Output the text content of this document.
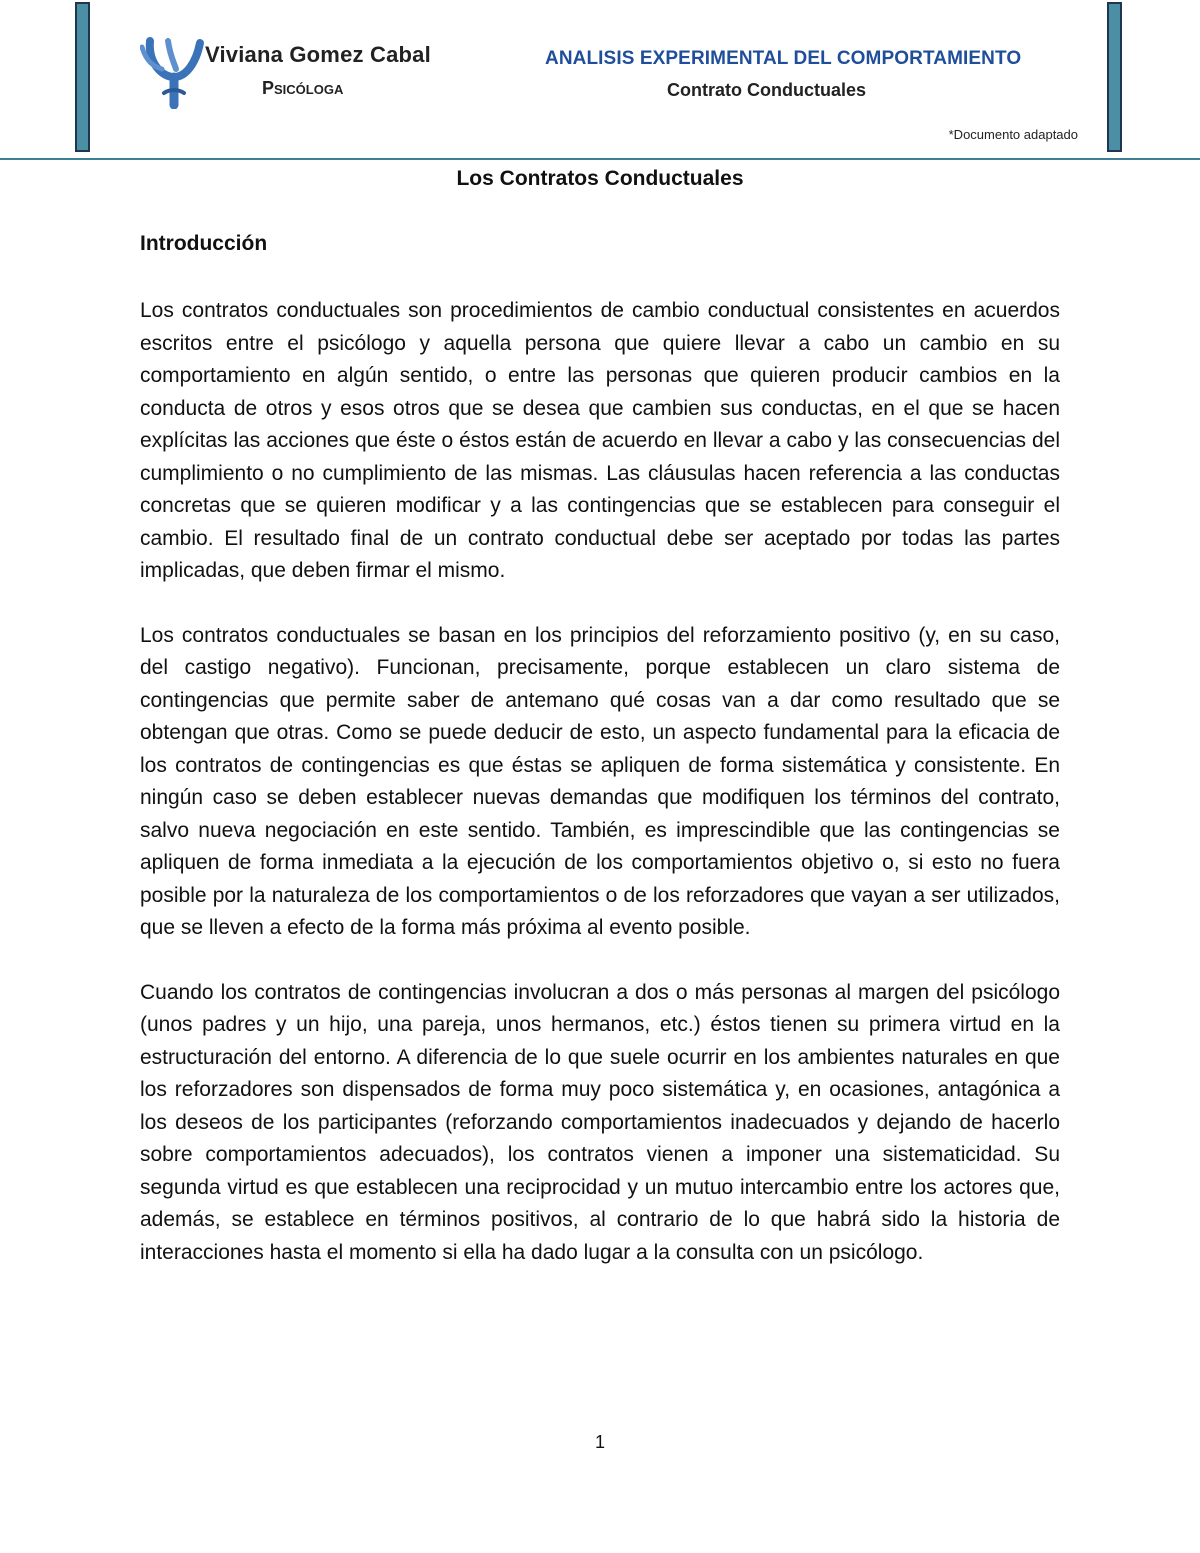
Viviana Gomez Cabal
Psicóloga
ANALISIS EXPERIMENTAL DEL COMPORTAMIENTO
Contrato Conductuales
*Documento adaptado
Los Contratos Conductuales
Introducción

Los contratos conductuales son procedimientos de cambio conductual consistentes en acuerdos escritos entre el psicólogo y aquella persona que quiere llevar a cabo un cambio en su comportamiento en algún sentido, o entre las personas que quieren producir cambios en la conducta de otros y esos otros que se desea que cambien sus conductas, en el que se hacen explícitas las acciones que éste o éstos están de acuerdo en llevar a cabo y las consecuencias del cumplimiento o no cumplimiento de las mismas. Las cláusulas hacen referencia a las conductas concretas que se quieren modificar y a las contingencias que se establecen para conseguir el cambio. El resultado final de un contrato conductual debe ser aceptado por todas las partes implicadas, que deben firmar el mismo.

Los contratos conductuales se basan en los principios del reforzamiento positivo (y, en su caso, del castigo negativo). Funcionan, precisamente, porque establecen un claro sistema de contingencias que permite saber de antemano qué cosas van a dar como resultado que se obtengan que otras. Como se puede deducir de esto, un aspecto fundamental para la eficacia de los contratos de contingencias es que éstas se apliquen de forma sistemática y consistente. En ningún caso se deben establecer nuevas demandas que modifiquen los términos del contrato, salvo nueva negociación en este sentido. También, es imprescindible que las contingencias se apliquen de forma inmediata a la ejecución de los comportamientos objetivo o, si esto no fuera posible por la naturaleza de los comportamientos o de los reforzadores que vayan a ser utilizados, que se lleven a efecto de la forma más próxima al evento posible.

Cuando los contratos de contingencias involucran a dos o más personas al margen del psicólogo (unos padres y un hijo, una pareja, unos hermanos, etc.) éstos tienen su primera virtud en la estructuración del entorno. A diferencia de lo que suele ocurrir en los ambientes naturales en que los reforzadores son dispensados de forma muy poco sistemática y, en ocasiones, antagónica a los deseos de los participantes (reforzando comportamientos inadecuados y dejando de hacerlo sobre comportamientos adecuados), los contratos vienen a imponer una sistematicidad. Su segunda virtud es que establecen una reciprocidad y un mutuo intercambio entre los actores que, además, se establece en términos positivos, al contrario de lo que habrá sido la historia de interacciones hasta el momento si ella ha dado lugar a la consulta con un psicólogo.

1
